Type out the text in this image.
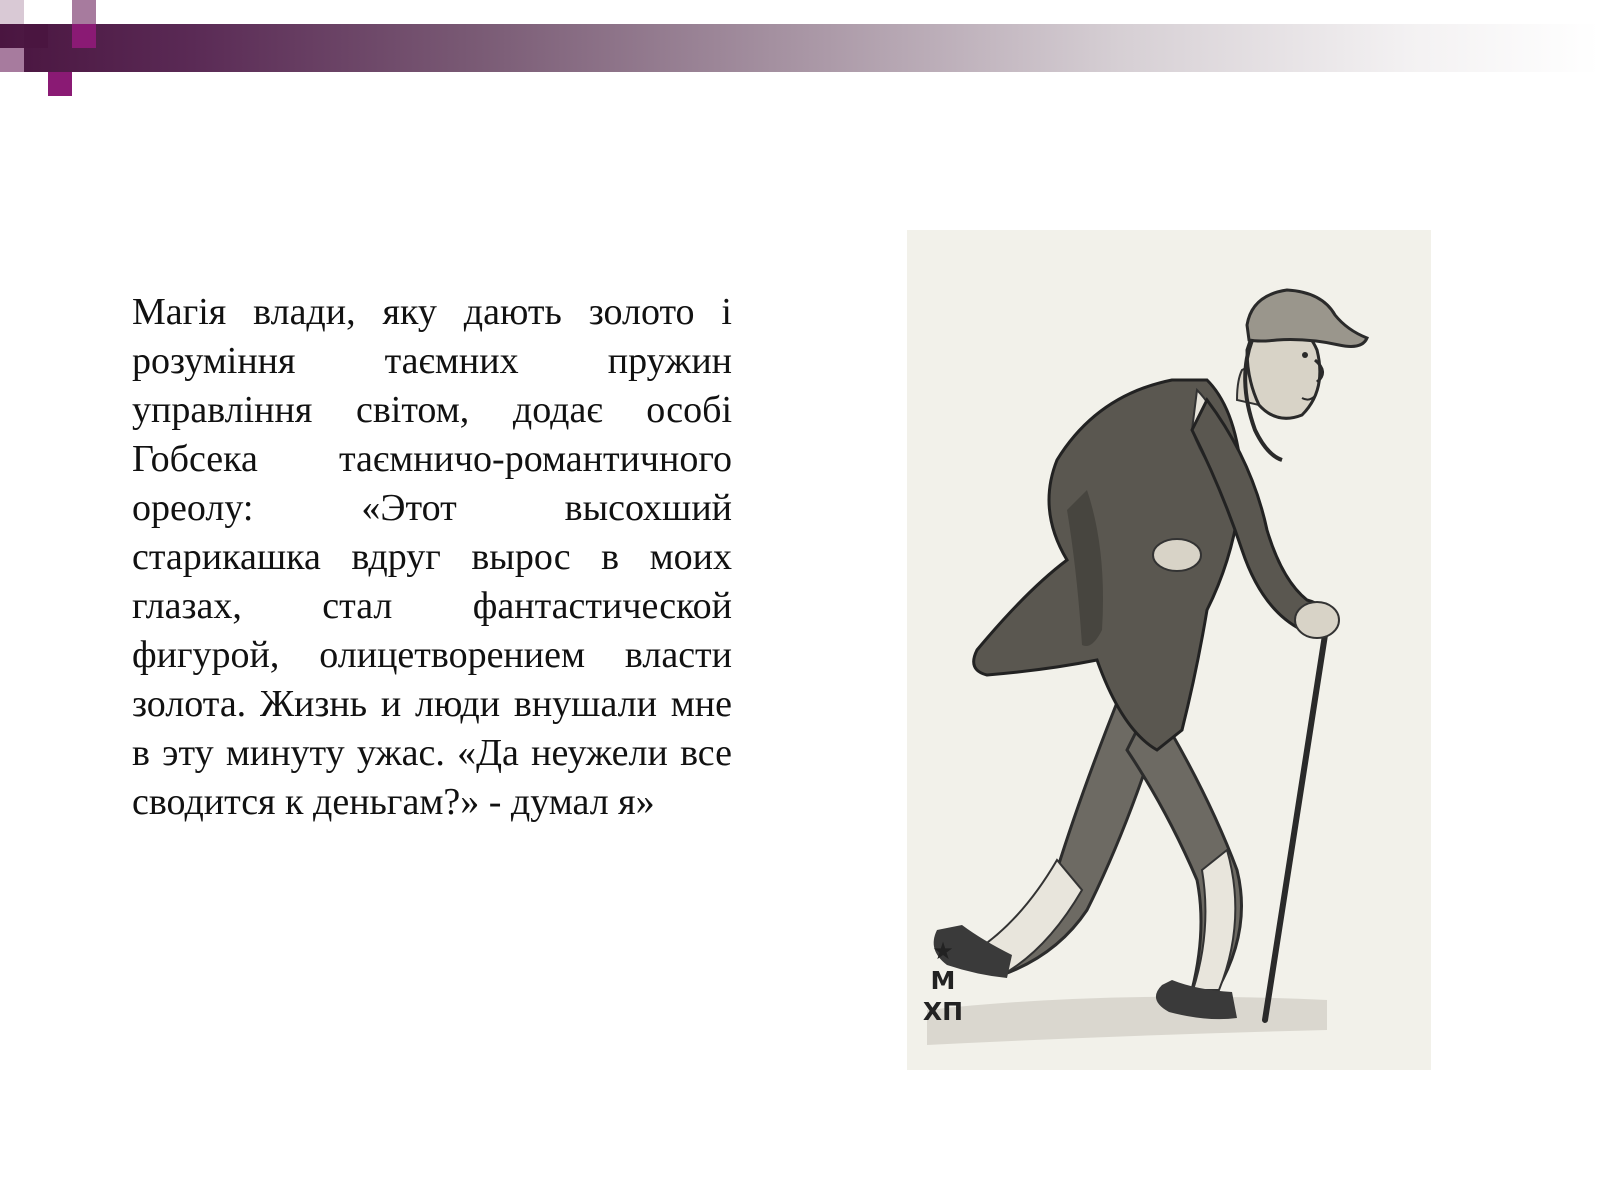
Магія влади, яку дають золото і розуміння таємних пружин управління світом, додає особі Гобсека таємничо-романтичного ореолу: «Этот высохший старикашка вдруг вырос в моих глазах, стал фантастической фигурой, олицетворением власти золота. Жизнь и люди внушали мне в эту минуту ужас. «Да неужели все сводится к деньгам?» - думал я»

★
М
ХП
